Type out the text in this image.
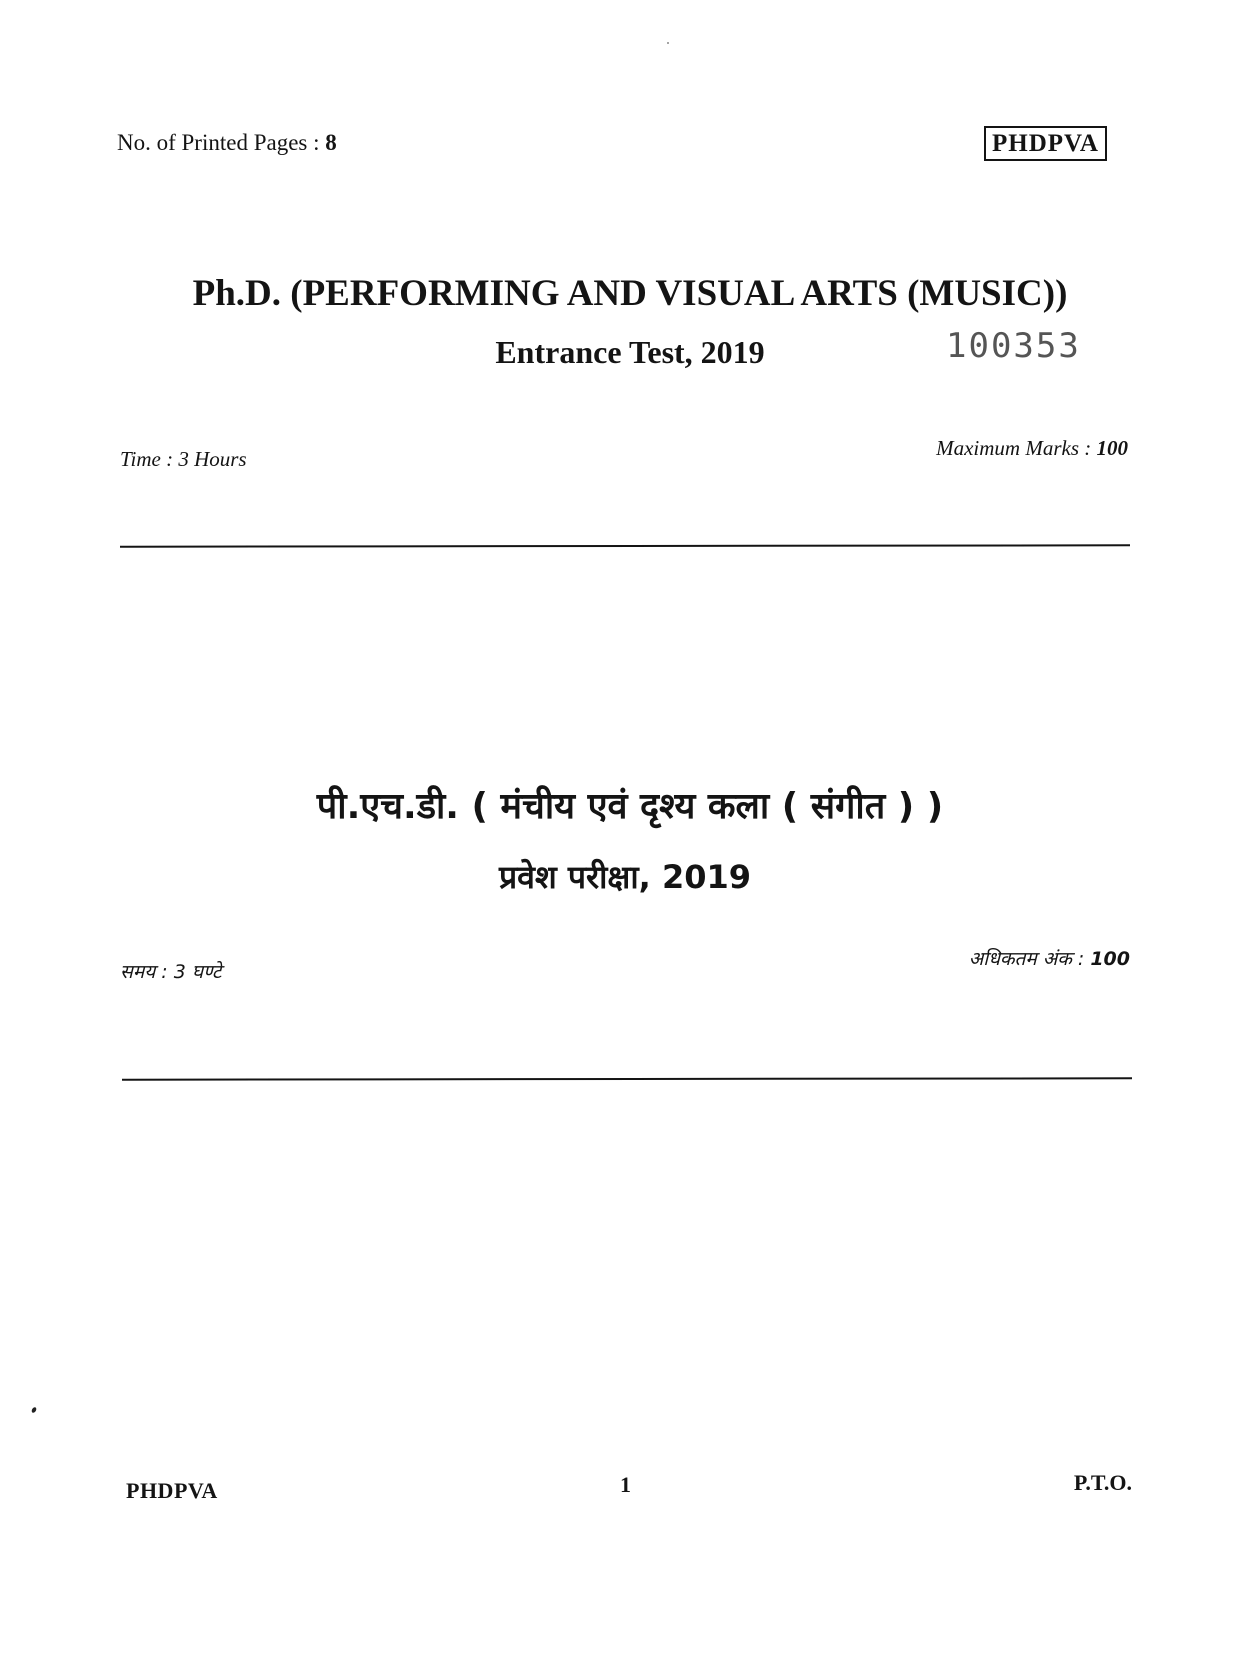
No. of Printed Pages : 8	PHDPVA
Ph.D. (PERFORMING AND VISUAL ARTS (MUSIC))
Entrance Test, 2019	100353
Time : 3 Hours	Maximum Marks : 100
पी.एच.डी. ( मंचीय एवं दृश्य कला ( संगीत ) )
प्रवेश परीक्षा, 2019
समय : 3 घण्टे
अधिकतम अंक : 100
PHDPVA	1	P.T.O.
